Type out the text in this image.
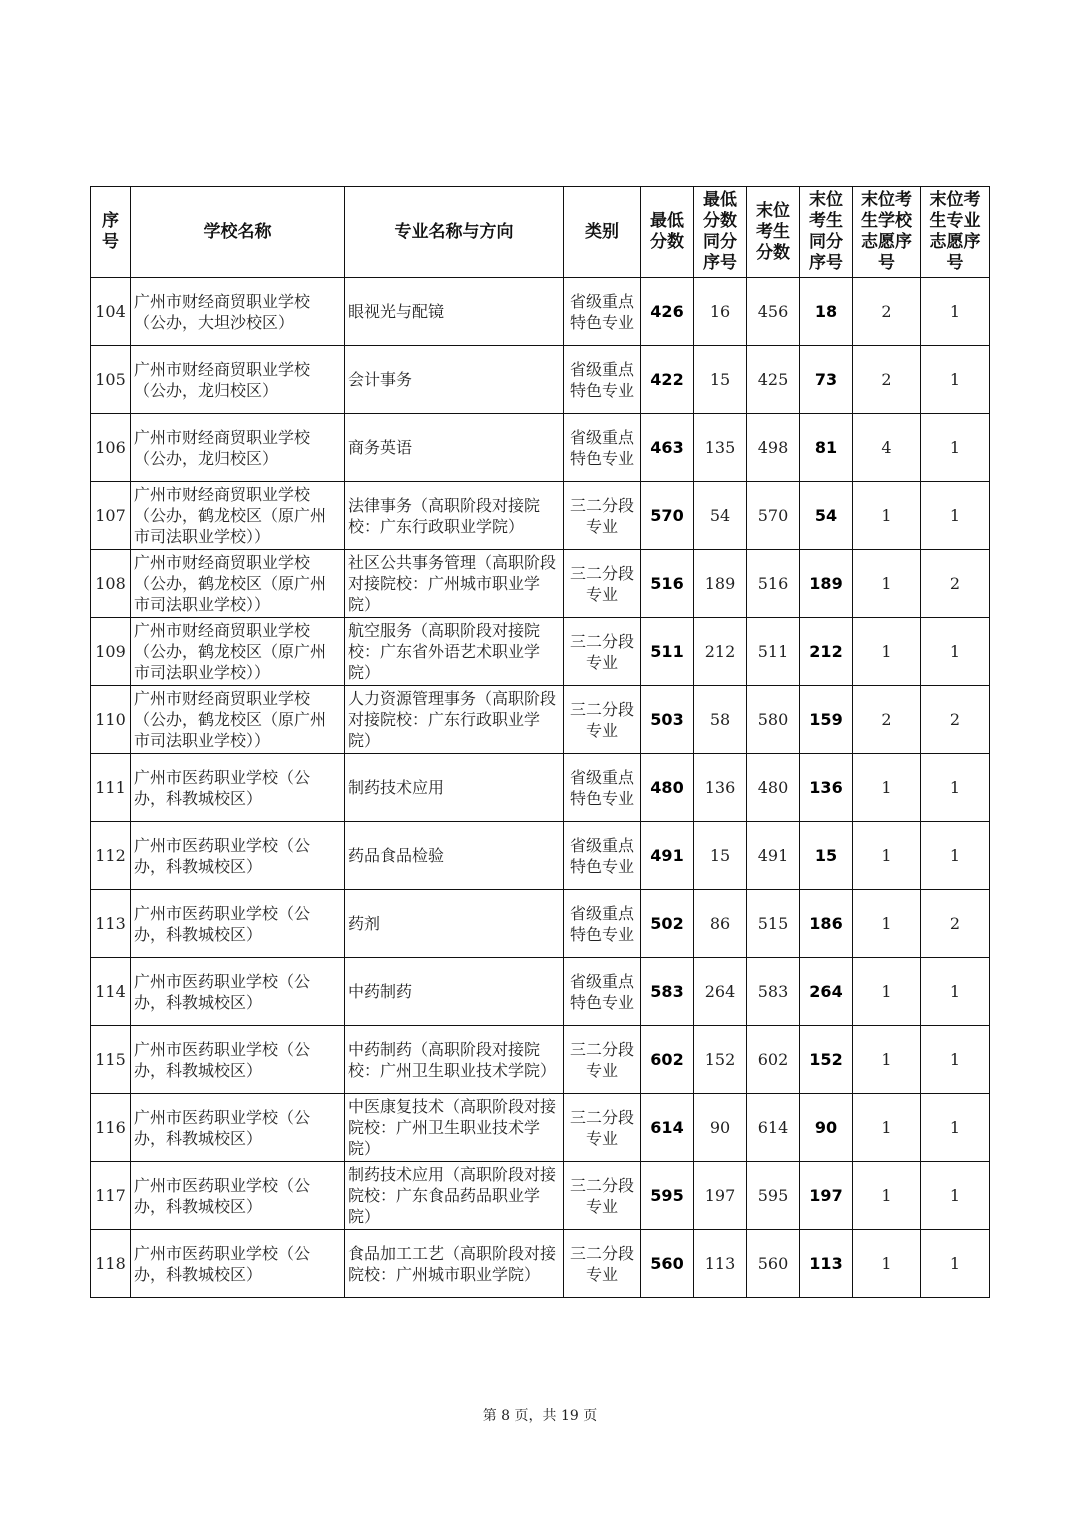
序号	学校名称	专业名称与方向	类别	最低分数	最低分数同分序号	末位考生分数	末位考生同分序号	末位考生学校志愿序号	末位考生专业志愿序号
104	广州市财经商贸职业学校（公办，大坦沙校区）	眼视光与配镜	省级重点特色专业	426	16	456	18	2	1
105	广州市财经商贸职业学校（公办，龙归校区）	会计事务	省级重点特色专业	422	15	425	73	2	1
106	广州市财经商贸职业学校（公办，龙归校区）	商务英语	省级重点特色专业	463	135	498	81	4	1
107	广州市财经商贸职业学校（公办，鹤龙校区（原广州市司法职业学校））	法律事务（高职阶段对接院校：广东行政职业学院）	三二分段专业	570	54	570	54	1	1
108	广州市财经商贸职业学校（公办，鹤龙校区（原广州市司法职业学校））	社区公共事务管理（高职阶段对接院校：广州城市职业学院）	三二分段专业	516	189	516	189	1	2
109	广州市财经商贸职业学校（公办，鹤龙校区（原广州市司法职业学校））	航空服务（高职阶段对接院校：广东省外语艺术职业学院）	三二分段专业	511	212	511	212	1	1
110	广州市财经商贸职业学校（公办，鹤龙校区（原广州市司法职业学校））	人力资源管理事务（高职阶段对接院校：广东行政职业学院）	三二分段专业	503	58	580	159	2	2
111	广州市医药职业学校（公办，科教城校区）	制药技术应用	省级重点特色专业	480	136	480	136	1	1
112	广州市医药职业学校（公办，科教城校区）	药品食品检验	省级重点特色专业	491	15	491	15	1	1
113	广州市医药职业学校（公办，科教城校区）	药剂	省级重点特色专业	502	86	515	186	1	2
114	广州市医药职业学校（公办，科教城校区）	中药制药	省级重点特色专业	583	264	583	264	1	1
115	广州市医药职业学校（公办，科教城校区）	中药制药（高职阶段对接院校：广州卫生职业技术学院）	三二分段专业	602	152	602	152	1	1
116	广州市医药职业学校（公办，科教城校区）	中医康复技术（高职阶段对接院校：广州卫生职业技术学院）	三二分段专业	614	90	614	90	1	1
117	广州市医药职业学校（公办，科教城校区）	制药技术应用（高职阶段对接院校：广东食品药品职业学院）	三二分段专业	595	197	595	197	1	1
118	广州市医药职业学校（公办，科教城校区）	食品加工工艺（高职阶段对接院校：广州城市职业学院）	三二分段专业	560	113	560	113	1	1
第 8 页，共 19 页
